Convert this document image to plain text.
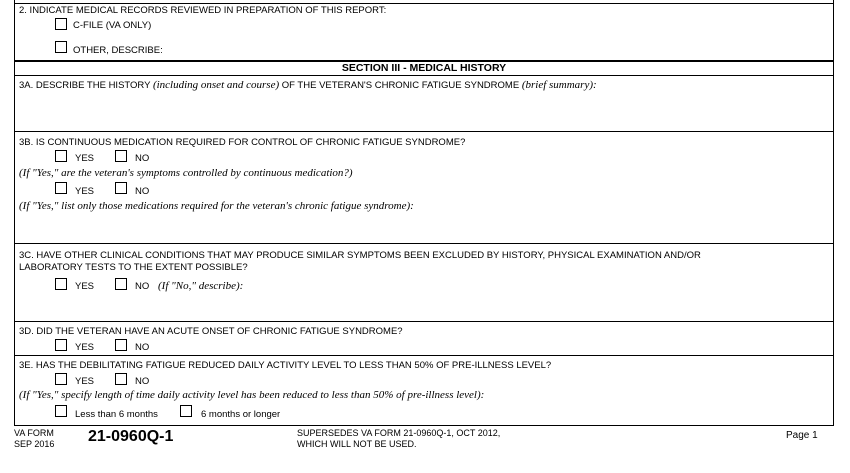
2. INDICATE MEDICAL RECORDS REVIEWED IN PREPARATION OF THIS REPORT:
C-FILE (VA ONLY)
OTHER, DESCRIBE:
SECTION III - MEDICAL HISTORY
3A. DESCRIBE THE HISTORY (including onset and course) OF THE VETERAN'S CHRONIC FATIGUE SYNDROME (brief summary):
3B. IS CONTINUOUS MEDICATION REQUIRED FOR CONTROL OF CHRONIC FATIGUE SYNDROME?
YES	NO
(If "Yes," are the veteran's symptoms controlled by continuous medication?)
YES	NO
(If "Yes," list only those medications required for the veteran's chronic fatigue syndrome):
3C. HAVE OTHER CLINICAL CONDITIONS THAT MAY PRODUCE SIMILAR SYMPTOMS BEEN EXCLUDED BY HISTORY, PHYSICAL EXAMINATION AND/OR
LABORATORY TESTS TO THE EXTENT POSSIBLE?
YES	NO (If "No," describe):
3D. DID THE VETERAN HAVE AN ACUTE ONSET OF CHRONIC FATIGUE SYNDROME?
YES	NO
3E. HAS THE DEBILITATING FATIGUE REDUCED DAILY ACTIVITY LEVEL TO LESS THAN 50% OF PRE-ILLNESS LEVEL?
YES	NO
(If "Yes," specify length of time daily activity level has been reduced to less than 50% of pre-illness level):
Less than 6 months	6 months or longer
VA FORM
SEP 2016 21-0960Q-1	SUPERSEDES VA FORM 21-0960Q-1, OCT 2012,
WHICH WILL NOT BE USED.
Page 1
